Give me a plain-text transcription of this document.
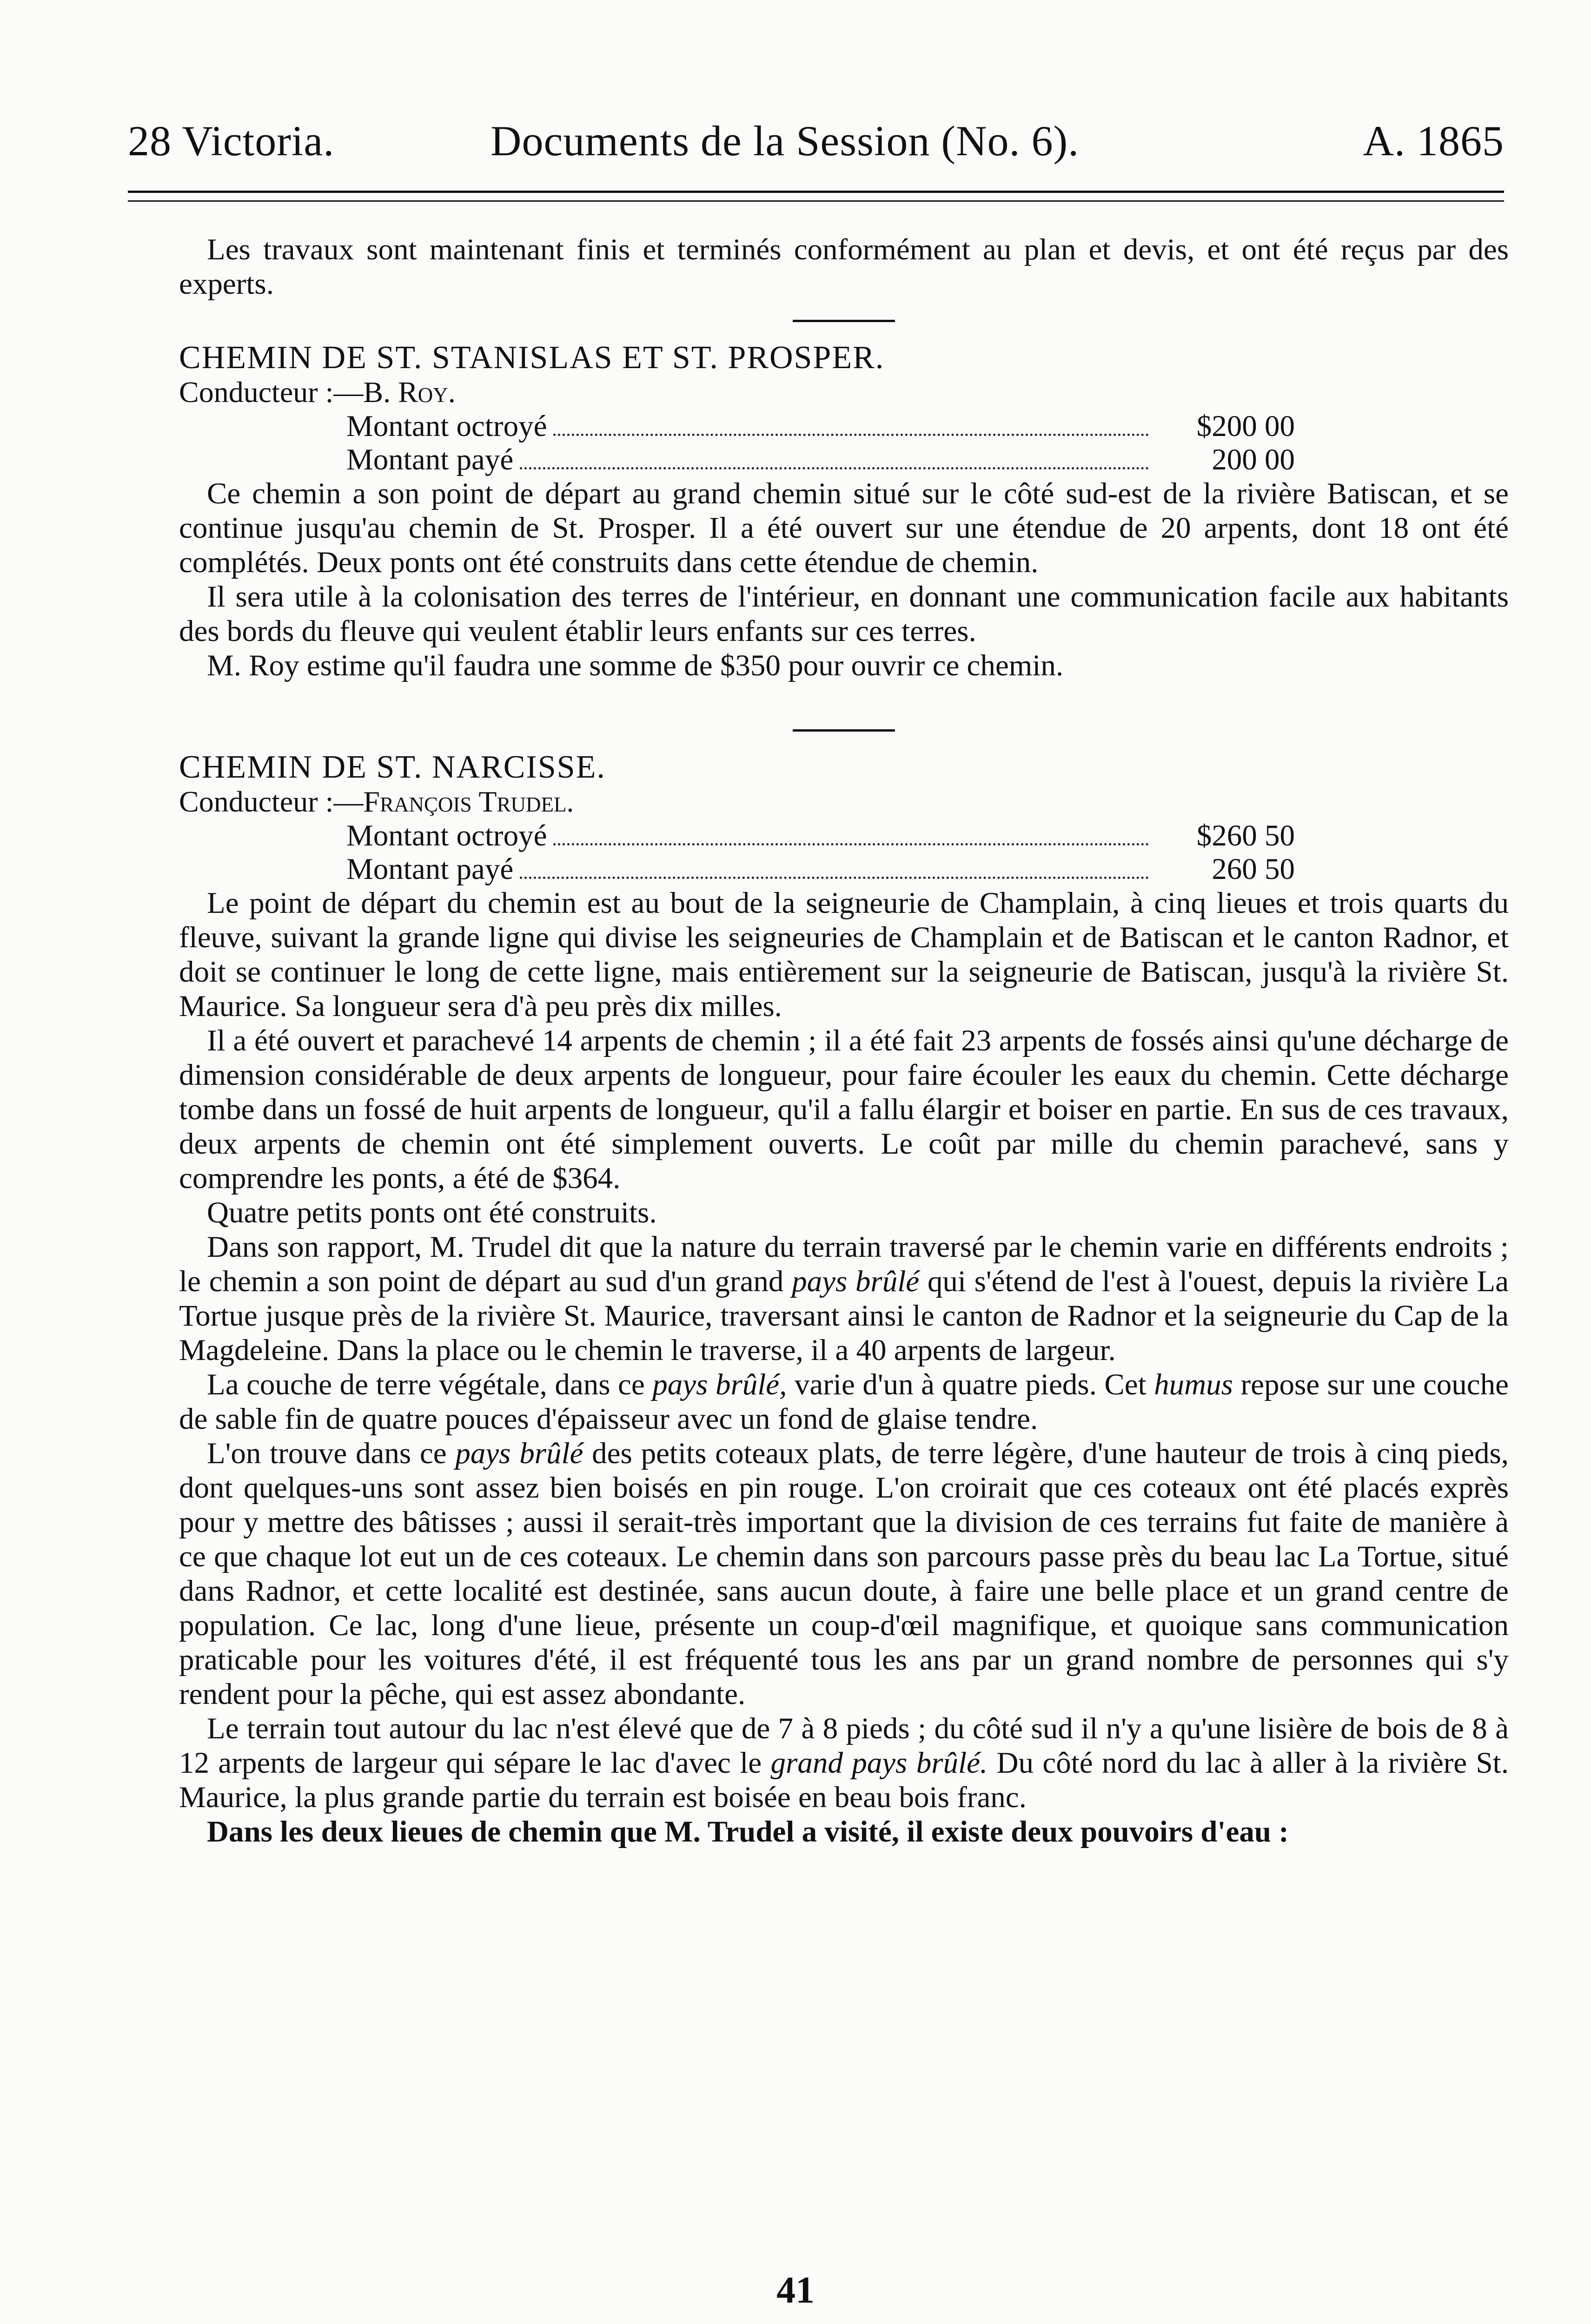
28 Victoria.	Documents de la Session (No. 6).	A. 1865

Les travaux sont maintenant finis et terminés conformément au plan et devis, et ont été reçus par des experts.

CHEMIN DE ST. STANISLAS ET ST. PROSPER.

Conducteur :—B. Roy.

Montant octroyé	$200 00
Montant payé	200 00

Ce chemin a son point de départ au grand chemin situé sur le côté sud-est de la rivière Batiscan, et se continue jusqu'au chemin de St. Prosper. Il a été ouvert sur une étendue de 20 arpents, dont 18 ont été complétés. Deux ponts ont été construits dans cette étendue de chemin.

Il sera utile à la colonisation des terres de l'intérieur, en donnant une communication facile aux habitants des bords du fleuve qui veulent établir leurs enfants sur ces terres.

M. Roy estime qu'il faudra une somme de $350 pour ouvrir ce chemin.

CHEMIN DE ST. NARCISSE.

Conducteur :—François Trudel.

Montant octroyé	$260 50
Montant payé	260 50

Le point de départ du chemin est au bout de la seigneurie de Champlain, à cinq lieues et trois quarts du fleuve, suivant la grande ligne qui divise les seigneuries de Champlain et de Batiscan et le canton Radnor, et doit se continuer le long de cette ligne, mais entièrement sur la seigneurie de Batiscan, jusqu'à la rivière St. Maurice. Sa longueur sera d'à peu près dix milles.

Il a été ouvert et parachevé 14 arpents de chemin ; il a été fait 23 arpents de fossés ainsi qu'une décharge de dimension considérable de deux arpents de longueur, pour faire écouler les eaux du chemin. Cette décharge tombe dans un fossé de huit arpents de longueur, qu'il a fallu élargir et boiser en partie. En sus de ces travaux, deux arpents de chemin ont été simplement ouverts. Le coût par mille du chemin parachevé, sans y comprendre les ponts, a été de $364.

Quatre petits ponts ont été construits.

Dans son rapport, M. Trudel dit que la nature du terrain traversé par le chemin varie en différents endroits ; le chemin a son point de départ au sud d'un grand pays brûlé qui s'étend de l'est à l'ouest, depuis la rivière La Tortue jusque près de la rivière St. Maurice, traversant ainsi le canton de Radnor et la seigneurie du Cap de la Magdeleine. Dans la place ou le chemin le traverse, il a 40 arpents de largeur.

La couche de terre végétale, dans ce pays brûlé, varie d'un à quatre pieds. Cet humus repose sur une couche de sable fin de quatre pouces d'épaisseur avec un fond de glaise tendre.

L'on trouve dans ce pays brûlé des petits coteaux plats, de terre légère, d'une hauteur de trois à cinq pieds, dont quelques-uns sont assez bien boisés en pin rouge. L'on croirait que ces coteaux ont été placés exprès pour y mettre des bâtisses ; aussi il serait-très important que la division de ces terrains fut faite de manière à ce que chaque lot eut un de ces coteaux. Le chemin dans son parcours passe près du beau lac La Tortue, situé dans Radnor, et cette localité est destinée, sans aucun doute, à faire une belle place et un grand centre de population. Ce lac, long d'une lieue, présente un coup-d'œil magnifique, et quoique sans communication praticable pour les voitures d'été, il est fréquenté tous les ans par un grand nombre de personnes qui s'y rendent pour la pêche, qui est assez abondante.

Le terrain tout autour du lac n'est élevé que de 7 à 8 pieds ; du côté sud il n'y a qu'une lisière de bois de 8 à 12 arpents de largeur qui sépare le lac d'avec le grand pays brûlé. Du côté nord du lac à aller à la rivière St. Maurice, la plus grande partie du terrain est boisée en beau bois franc.

Dans les deux lieues de chemin que M. Trudel a visité, il existe deux pouvoirs d'eau :

41
